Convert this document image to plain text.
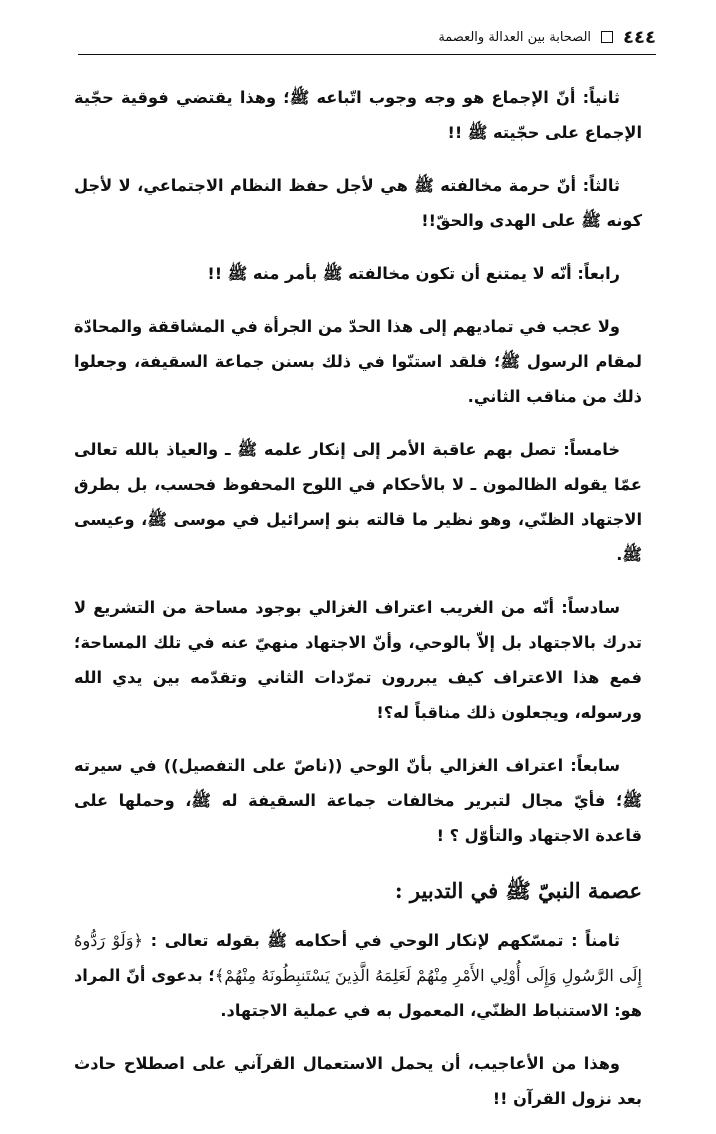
٤٤٤
الصحابة بين العدالة والعصمة

ثانياً: أنّ الإجماع هو وجه وجوب اتّباعه ﷺ؛ وهذا يقتضي فوقية حجّية الإجماع على حجّيته ﷺ !!

ثالثاً: أنّ حرمة مخالفته ﷺ هي لأجل حفظ النظام الاجتماعي، لا لأجل كونه ﷺ على الهدى والحقّ!!

رابعاً: أنّه لا يمتنع أن تكون مخالفته ﷺ بأمر منه ﷺ !!

ولا عجب في تماديهم إلى هذا الحدّ من الجرأة في المشاققة والمحادّة لمقام الرسول ﷺ؛ فلقد استنّوا في ذلك بسنن جماعة السقيفة، وجعلوا ذلك من مناقب الثاني.

خامساً: تصل بهم عاقبة الأمر إلى إنكار علمه ﷺ ـ والعياذ بالله تعالى عمّا يقوله الظالمون ـ لا بالأحكام في اللوح المحفوظ فحسب، بل بطرق الاجتهاد الظنّي، وهو نظير ما قالته بنو إسرائيل في موسى ﷺ، وعيسى ﷺ.

سادساً: أنّه من الغريب اعتراف الغزالي بوجود مساحة من التشريع لا تدرك بالاجتهاد بل إلاّ بالوحي، وأنّ الاجتهاد منهيّ عنه في تلك المساحة؛ فمع هذا الاعتراف كيف يبررون تمرّدات الثاني وتقدّمه بين يدي الله ورسوله، ويجعلون ذلك مناقباً له؟!

سابعاً: اعتراف الغزالي بأنّ الوحي ((ناصّ على التفصيل)) في سيرته ﷺ؛ فأيّ مجال لتبرير مخالفات جماعة السقيفة له ﷺ، وحملها على قاعدة الاجتهاد والتأوّل ؟ !

عصمة النبيّ ﷺ في التدبير :

ثامناً : تمسّكهم لإنكار الوحي في أحكامه ﷺ بقوله تعالى : ﴿وَلَوْ رَدُّوهُ إِلَى الرَّسُولِ وَإِلَى أُوْلِي الأَمْرِ مِنْهُمْ لَعَلِمَهُ الَّذِينَ يَسْتَنبِطُونَهُ مِنْهُمْ﴾؛ بدعوى أنّ المراد هو: الاستنباط الظنّي، المعمول به في عملية الاجتهاد.

وهذا من الأعاجيب، أن يحمل الاستعمال القرآني على اصطلاح حادث بعد نزول القرآن !!
